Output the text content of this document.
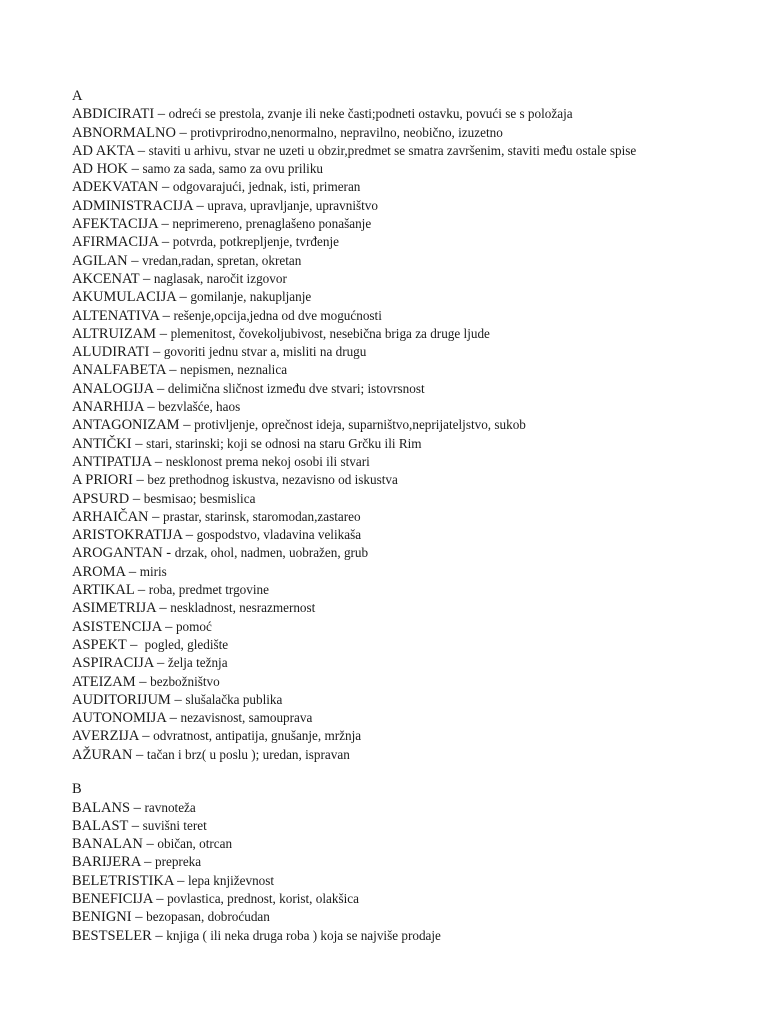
A

ABDICIRATI – odreći se prestola, zvanje ili neke časti;podneti ostavku, povući se s položaja

ABNORMALNO – protivprirodno,nenormalno, nepravilno, neobično, izuzetno

AD AKTA – staviti u arhivu, stvar ne uzeti u obzir,predmet se smatra završenim, staviti među ostale spise

AD HOK – samo za sada, samo za ovu priliku

ADEKVATAN – odgovarajući, jednak, isti, primeran

ADMINISTRACIJA – uprava, upravljanje, upravništvo

AFEKTACIJA – neprimereno, prenaglašeno ponašanje

AFIRMACIJA – potvrda, potkrepljenje, tvrđenje

AGILAN – vredan,radan, spretan, okretan

AKCENAT – naglasak, naročit izgovor

AKUMULACIJA – gomilanje, nakupljanje

ALTENATIVA – rešenje,opcija,jedna od dve mogućnosti

ALTRUIZAM – plemenitost, čovekoljubivost, nesebična briga za druge ljude

ALUDIRATI – govoriti jednu stvar a, misliti na drugu

ANALFABETA – nepismen, neznalica

ANALOGIJA – delimična sličnost između dve stvari; istovrsnost

ANARHIJA – bezvlašće, haos

ANTAGONIZAM – protivljenje, oprečnost ideja, suparništvo,neprijateljstvo, sukob

ANTIČKI – stari, starinski; koji se odnosi na staru Grčku ili Rim

ANTIPATIJA – nesklonost prema nekoj osobi ili stvari

A PRIORI – bez prethodnog iskustva, nezavisno od iskustva

APSURD – besmisao; besmislica

ARHAIČAN – prastar, starinsk, staromodan,zastareo

ARISTOKRATIJA – gospodstvo, vladavina velikaša

AROGANTAN - drzak, ohol, nadmen, uobražen, grub

AROMA – miris

ARTIKAL – roba, predmet trgovine

ASIMETRIJA – neskladnost, nesrazmernost

ASISTENCIJA – pomoć

ASPEKT –  pogled, gledište

ASPIRACIJA – želja težnja

ATEIZAM – bezbožništvo

AUDITORIJUM – slušalačka publika

AUTONOMIJA – nezavisnost, samouprava

AVERZIJA – odvratnost, antipatija, gnušanje, mržnja

AŽURAN – tačan i brz( u poslu ); uredan, ispravan

B

BALANS – ravnoteža

BALAST – suvišni teret

BANALAN – običan, otrcan

BARIJERA – prepreka

BELETRISTIKA – lepa književnost

BENEFICIJA – povlastica, prednost, korist, olakšica

BENIGNI – bezopasan, dobroćudan

BESTSELER – knjiga ( ili neka druga roba ) koja se najviše prodaje
